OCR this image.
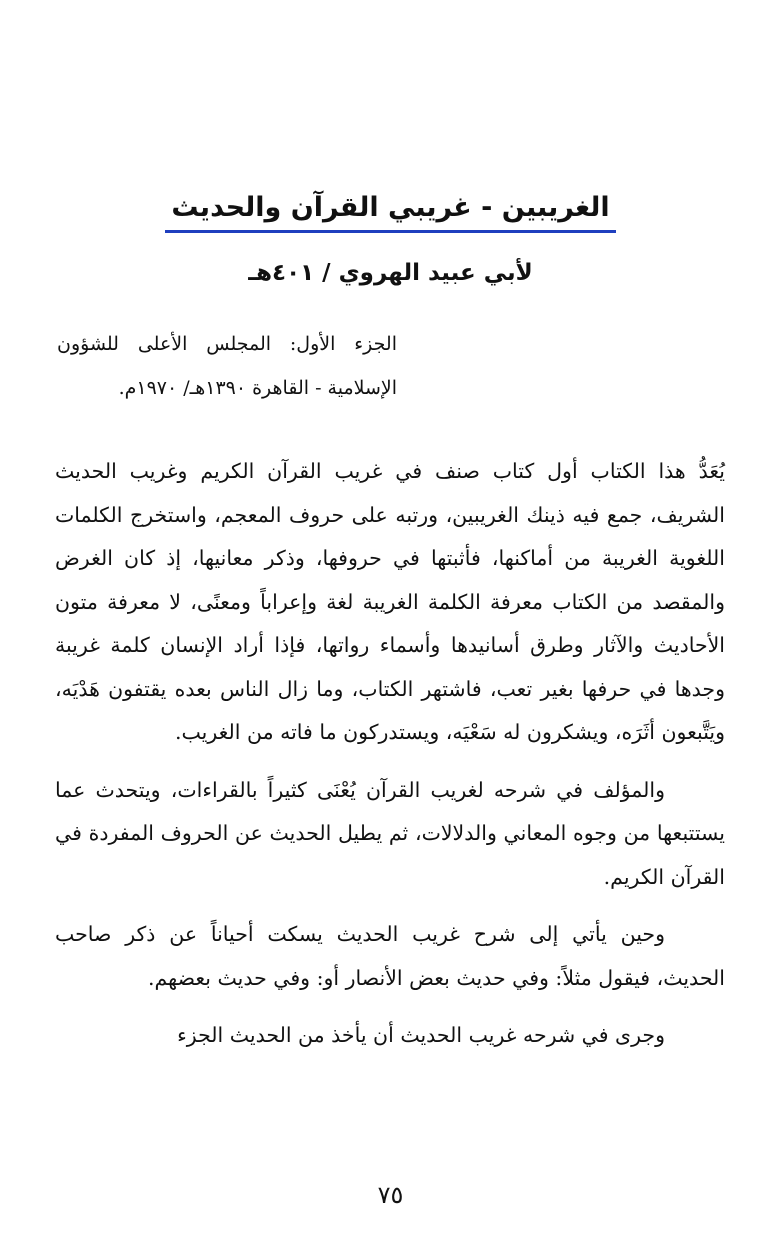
الغريبين - غريبي القرآن والحديث
لأبي عبيد الهروي / ٤٠١هـ
الجزء الأول: المجلس الأعلى للشؤون الإسلامية - القاهرة ١٣٩٠هـ/ ١٩٧٠م.

يُعَدُّ هذا الكتاب أول كتاب صنف في غريب القرآن الكريم وغريب الحديث الشريف، جمع فيه ذينك الغريبين، ورتبه على حروف المعجم، واستخرج الكلمات اللغوية الغريبة من أماكنها، فأثبتها في حروفها، وذكر معانيها، إذ كان الغرض والمقصد من الكتاب معرفة الكلمة الغريبة لغة وإعراباً ومعنًى، لا معرفة متون الأحاديث والآثار وطرق أسانيدها وأسماء رواتها، فإذا أراد الإنسان كلمة غريبة وجدها في حرفها بغير تعب، فاشتهر الكتاب، وما زال الناس بعده يقتفون هَدْيَه، ويَتَّبعون أثَرَه، ويشكرون له سَعْيَه، ويستدركون ما فاته من الغريب.

والمؤلف في شرحه لغريب القرآن يُعْنَى كثيراً بالقراءات، ويتحدث عما يستتبعها من وجوه المعاني والدلالات، ثم يطيل الحديث عن الحروف المفردة في القرآن الكريم.

وحين يأتي إلى شرح غريب الحديث يسكت أحياناً عن ذكر صاحب الحديث، فيقول مثلاً: وفي حديث بعض الأنصار أو: وفي حديث بعضهم.

وجرى في شرحه غريب الحديث أن يأخذ من الحديث الجزء

٧٥
